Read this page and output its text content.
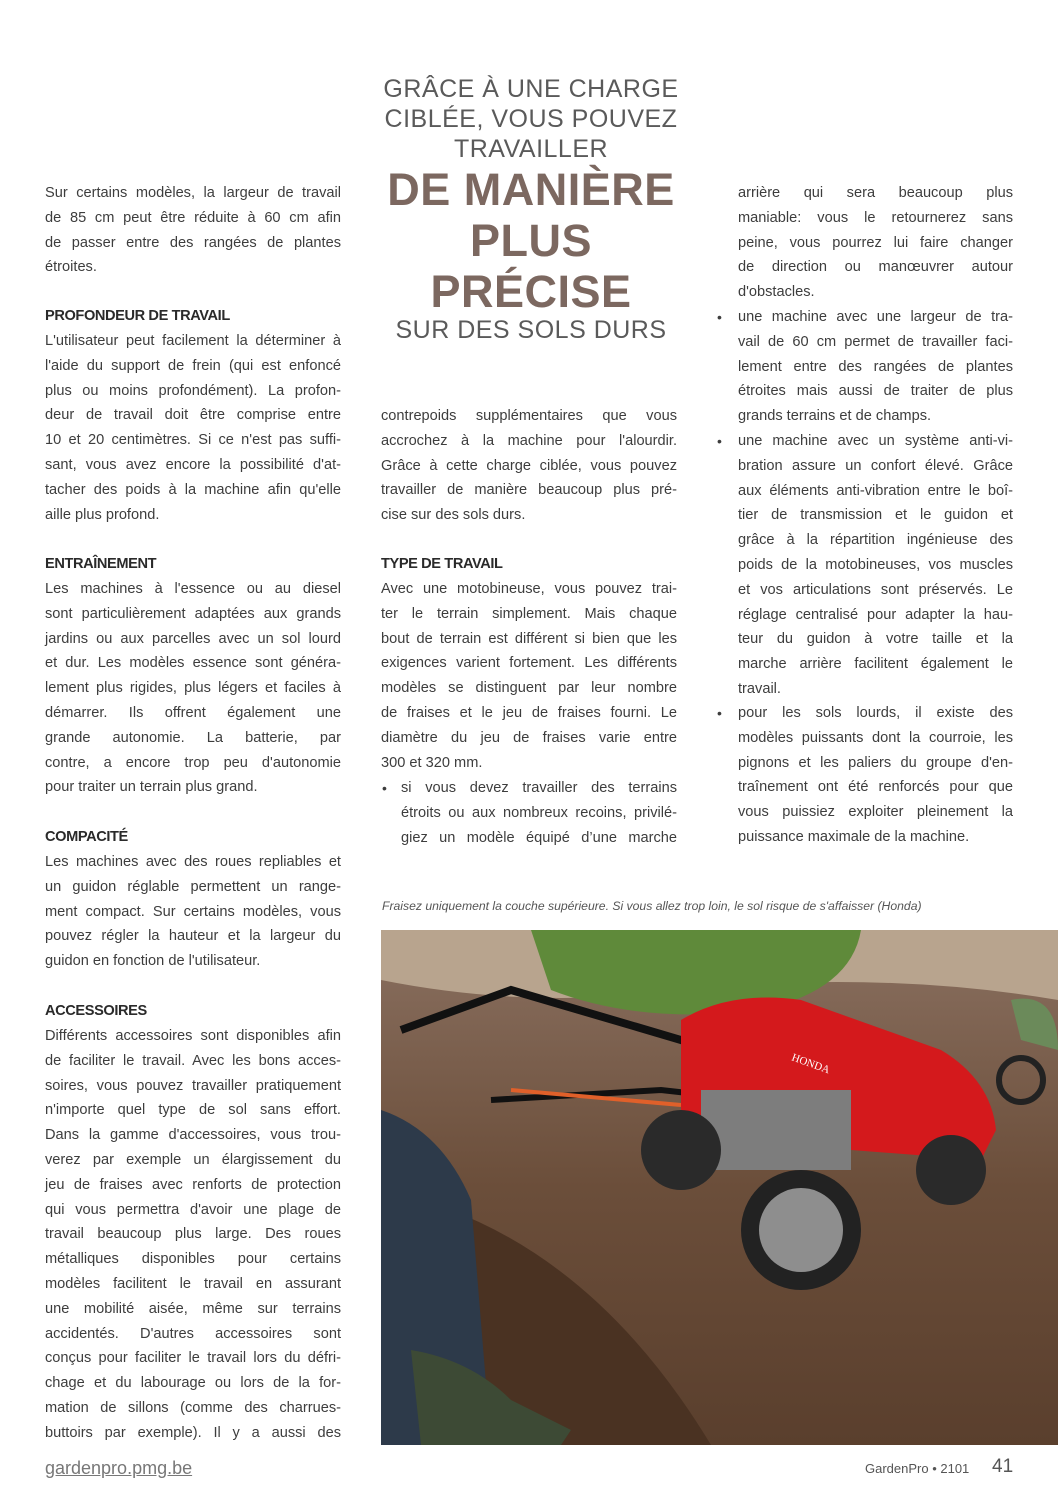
GRÂCE À UNE CHARGE
CIBLÉE, VOUS POUVEZ
TRAVAILLER
DE MANIÈRE
PLUS
PRÉCISE
SUR DES SOLS DURS
Sur certains modèles, la largeur de travail
de 85 cm peut être réduite à 60 cm afin
de passer entre des rangées de plantes
étroites.
PROFONDEUR DE TRAVAIL
L'utilisateur peut facilement la déterminer à
l'aide du support de frein (qui est enfoncé
plus ou moins profondément). La profon-
deur de travail doit être comprise entre
10 et 20 centimètres. Si ce n'est pas suffi-
sant, vous avez encore la possibilité d'at-
tacher des poids à la machine afin qu'elle
aille plus profond.
ENTRAÎNEMENT
Les machines à l'essence ou au diesel
sont particulièrement adaptées aux grands
jardins ou aux parcelles avec un sol lourd
et dur. Les modèles essence sont généra-
lement plus rigides, plus légers et faciles à
démarrer. Ils offrent également une
grande autonomie. La batterie, par
contre, a encore trop peu d'autonomie
pour traiter un terrain plus grand.
COMPACITÉ
Les machines avec des roues repliables et
un guidon réglable permettent un range-
ment compact. Sur certains modèles, vous
pouvez régler la hauteur et la largeur du
guidon en fonction de l'utilisateur.
ACCESSOIRES
Différents accessoires sont disponibles afin
de faciliter le travail. Avec les bons acces-
soires, vous pouvez travailler pratiquement
n'importe quel type de sol sans effort.
Dans la gamme d'accessoires, vous trou-
verez par exemple un élargissement du
jeu de fraises avec renforts de protection
qui vous permettra d'avoir une plage de
travail beaucoup plus large. Des roues
métalliques disponibles pour certains
modèles facilitent le travail en assurant
une mobilité aisée, même sur terrains
accidentés. D'autres accessoires sont
conçus pour faciliter le travail lors du défri-
chage et du labourage ou lors de la for-
mation de sillons (comme des charrues-
buttoirs par exemple). Il y a aussi des
contrepoids supplémentaires que vous
accrochez à la machine pour l'alourdir.
Grâce à cette charge ciblée, vous pouvez
travailler de manière beaucoup plus pré-
cise sur des sols durs.
TYPE DE TRAVAIL
Avec une motobineuse, vous pouvez trai-
ter le terrain simplement. Mais chaque
bout de terrain est différent si bien que les
exigences varient fortement. Les différents
modèles se distinguent par leur nombre
de fraises et le jeu de fraises fourni. Le
diamètre du jeu de fraises varie entre
300 et 320 mm.
• si vous devez travailler des terrains
étroits ou aux nombreux recoins, privilé-
giez un modèle équipé d’une marche
arrière qui sera beaucoup plus
maniable: vous le retournerez sans
peine, vous pourrez lui faire changer
de direction ou manœuvrer autour
d'obstacles.
• une machine avec une largeur de tra-
vail de 60 cm permet de travailler faci-
lement entre des rangées de plantes
étroites mais aussi de traiter de plus
grands terrains et de champs.
• une machine avec un système anti-vi-
bration assure un confort élevé. Grâce
aux éléments anti-vibration entre le boî-
tier de transmission et le guidon et
grâce à la répartition ingénieuse des
poids de la motobineuses, vos muscles
et vos articulations sont préservés. Le
réglage centralisé pour adapter la hau-
teur du guidon à votre taille et la
marche arrière facilitent également le
travail.
• pour les sols lourds, il existe des
modèles puissants dont la courroie, les
pignons et les paliers du groupe d'en-
traînement ont été renforcés pour que
vous puissiez exploiter pleinement la
puissance maximale de la machine.
Fraisez uniquement la couche supérieure. Si vous allez trop loin, le sol risque de s'affaisser (Honda)
HONDA
gardenpro.pmg.be	GardenPro • 2101 41
